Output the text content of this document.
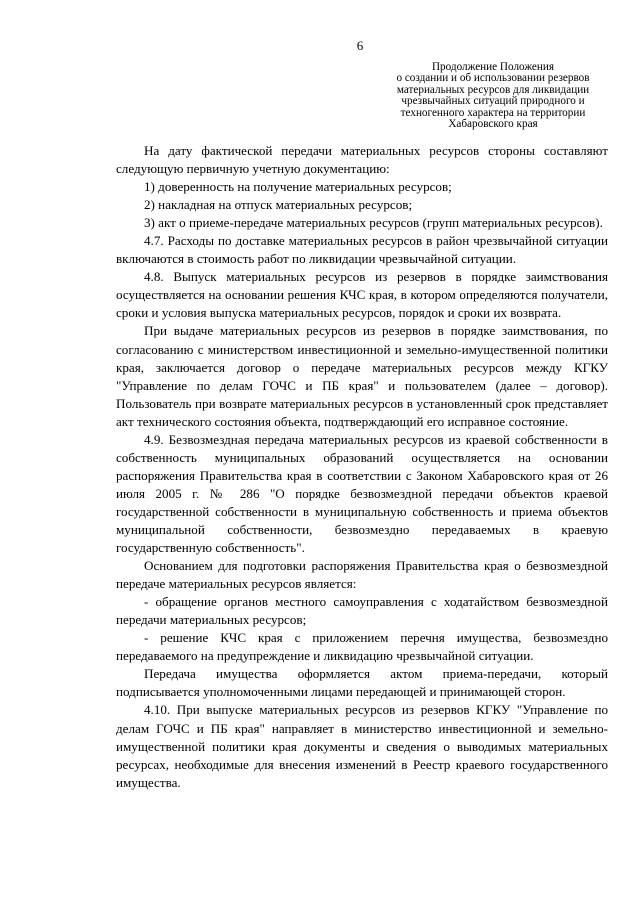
6
Продолжение Положения
о создании и об использовании резервов
материальных ресурсов для ликвидации
чрезвычайных ситуаций природного и
техногенного характера на территории
Хабаровского края

На дату фактической передачи материальных ресурсов стороны составляют следующую первичную учетную документацию:

1) доверенность на получение материальных ресурсов;

2) накладная на отпуск материальных ресурсов;

3) акт о приеме-передаче материальных ресурсов (групп материальных ресурсов).

4.7. Расходы по доставке материальных ресурсов в район чрезвычайной ситуации включаются в стоимость работ по ликвидации чрезвычайной ситуации.

4.8. Выпуск материальных ресурсов из резервов в порядке заимствования осуществляется на основании решения КЧС края, в котором определяются получатели, сроки и условия выпуска материальных ресурсов, порядок и сроки их возврата.

При выдаче материальных ресурсов из резервов в порядке заимствования, по согласованию с министерством инвестиционной и земельно-имущественной политики края, заключается договор о передаче материальных ресурсов между КГКУ "Управление по делам ГОЧС и ПБ края" и пользователем (далее – договор). Пользователь при возврате материальных ресурсов в установленный срок представляет акт технического состояния объекта, подтверждающий его исправное состояние.

4.9. Безвозмездная передача материальных ресурсов из краевой собственности в собственность муниципальных образований осуществляется на основании распоряжения Правительства края в соответствии с Законом Хабаровского края от 26 июля 2005 г. № 286 "О порядке безвозмездной передачи объектов краевой государственной собственности в муниципальную собственность и приема объектов муниципальной собственности, безвозмездно передаваемых в краевую государственную собственность".

Основанием для подготовки распоряжения Правительства края о безвозмездной передаче материальных ресурсов является:

- обращение органов местного самоуправления с ходатайством безвозмездной передачи материальных ресурсов;

- решение КЧС края с приложением перечня имущества, безвозмездно передаваемого на предупреждение и ликвидацию чрезвычайной ситуации.

Передача имущества оформляется актом приема-передачи, который подписывается уполномоченными лицами передающей и принимающей сторон.

4.10. При выпуске материальных ресурсов из резервов КГКУ "Управление по делам ГОЧС и ПБ края" направляет в министерство инвестиционной и земельно-имущественной политики края документы и сведения о выводимых материальных ресурсах, необходимые для внесения изменений в Реестр краевого государственного имущества.
